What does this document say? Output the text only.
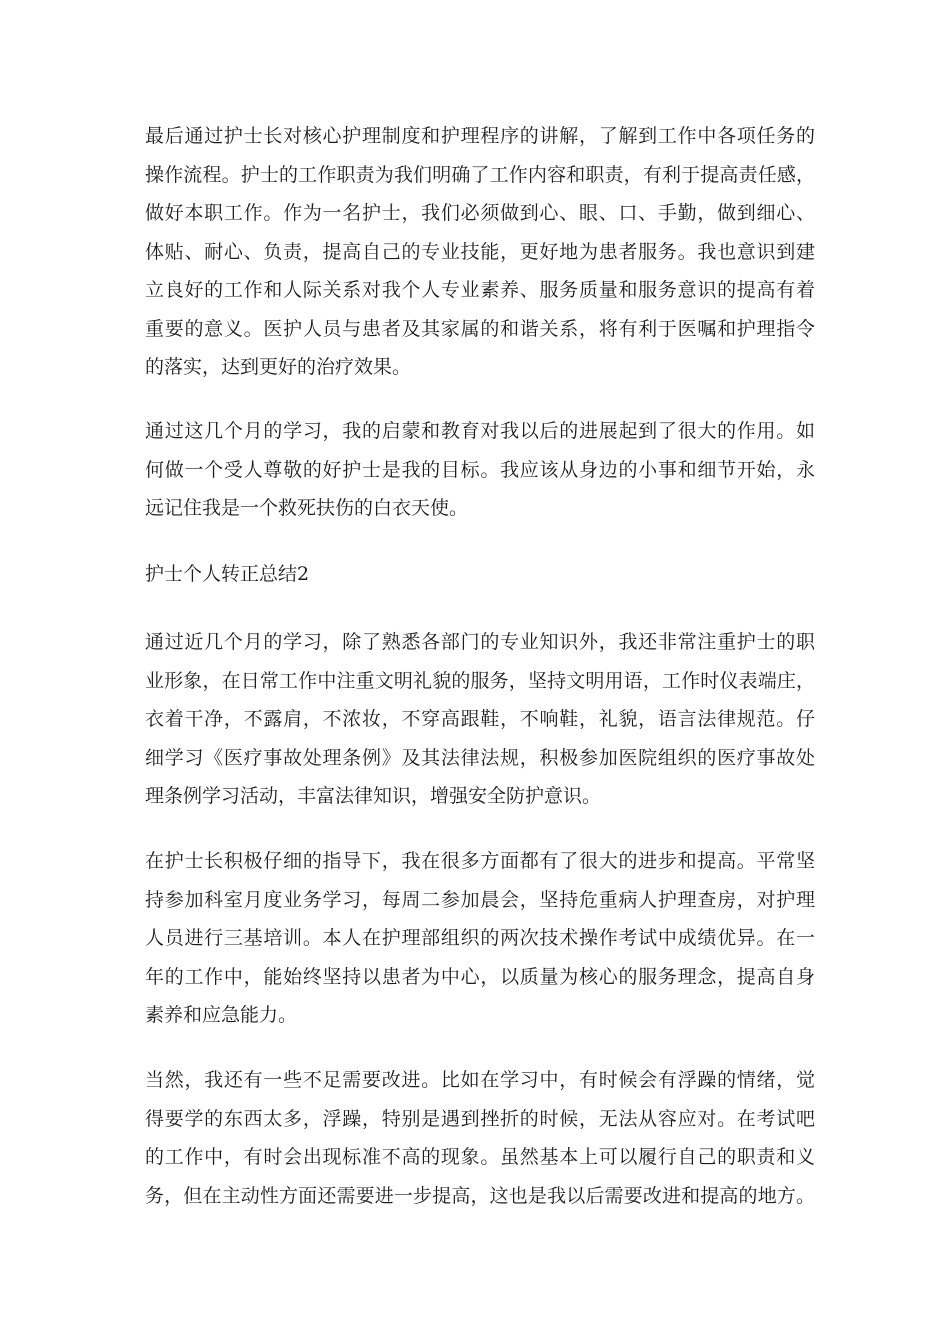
最后通过护士长对核心护理制度和护理程序的讲解，了解到工作中各项任务的
操作流程。护士的工作职责为我们明确了工作内容和职责，有利于提高责任感，
做好本职工作。作为一名护士，我们必须做到心、眼、口、手勤，做到细心、
体贴、耐心、负责，提高自己的专业技能，更好地为患者服务。我也意识到建
立良好的工作和人际关系对我个人专业素养、服务质量和服务意识的提高有着
重要的意义。医护人员与患者及其家属的和谐关系，将有利于医嘱和护理指令
的落实，达到更好的治疗效果。

通过这几个月的学习，我的启蒙和教育对我以后的进展起到了很大的作用。如
何做一个受人尊敬的好护士是我的目标。我应该从身边的小事和细节开始，永
远记住我是一个救死扶伤的白衣天使。

护士个人转正总结2

通过近几个月的学习，除了熟悉各部门的专业知识外，我还非常注重护士的职
业形象，在日常工作中注重文明礼貌的服务，坚持文明用语，工作时仪表端庄，
衣着干净，不露肩，不浓妆，不穿高跟鞋，不响鞋，礼貌，语言法律规范。仔
细学习《医疗事故处理条例》及其法律法规，积极参加医院组织的医疗事故处
理条例学习活动，丰富法律知识，增强安全防护意识。

在护士长积极仔细的指导下，我在很多方面都有了很大的进步和提高。平常坚
持参加科室月度业务学习，每周二参加晨会，坚持危重病人护理查房，对护理
人员进行三基培训。本人在护理部组织的两次技术操作考试中成绩优异。在一
年的工作中，能始终坚持以患者为中心，以质量为核心的服务理念，提高自身
素养和应急能力。

当然，我还有一些不足需要改进。比如在学习中，有时候会有浮躁的情绪，觉
得要学的东西太多，浮躁，特别是遇到挫折的时候，无法从容应对。在考试吧
的工作中，有时会出现标准不高的现象。虽然基本上可以履行自己的职责和义
务，但在主动性方面还需要进一步提高，这也是我以后需要改进和提高的地方。
